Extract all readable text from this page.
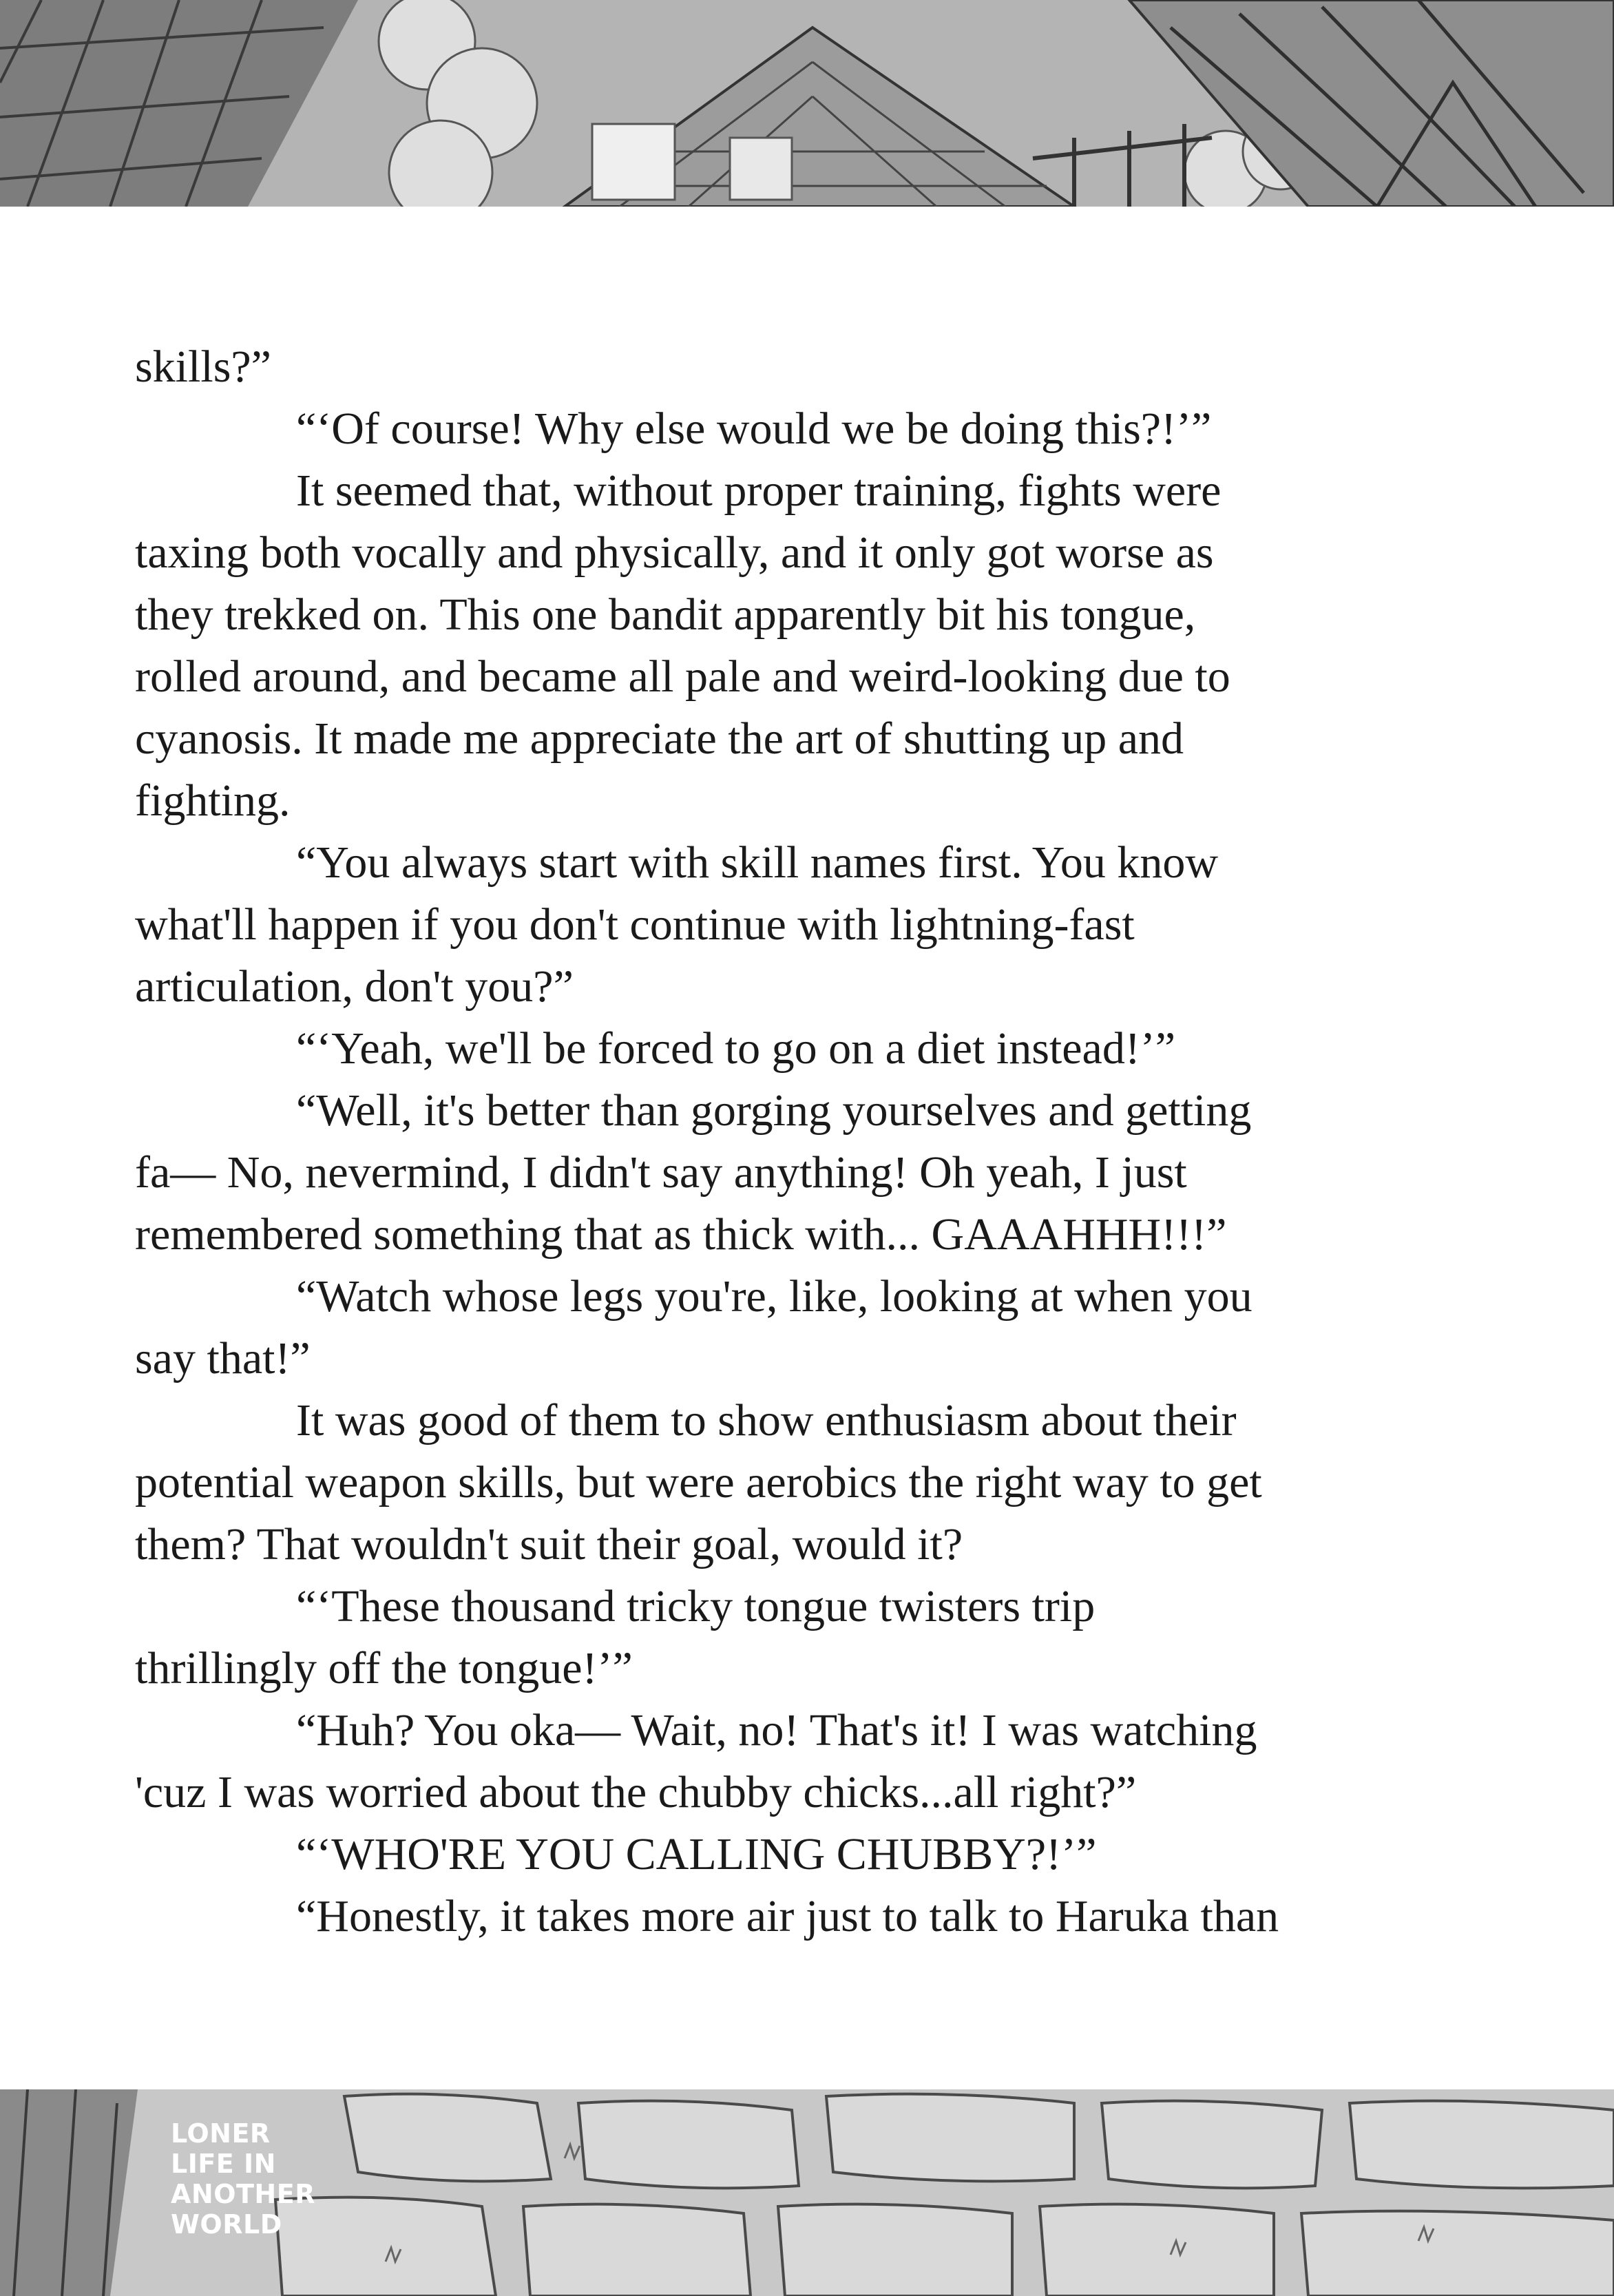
skills?”
“‘Of course! Why else would we be doing this?!’”
It seemed that, without proper training, fights were
taxing both vocally and physically, and it only got worse as
they trekked on. This one bandit apparently bit his tongue,
rolled around, and became all pale and weird-looking due to
cyanosis. It made me appreciate the art of shutting up and
fighting.
“You always start with skill names first. You know
what'll happen if you don't continue with lightning-fast
articulation, don't you?”
“‘Yeah, we'll be forced to go on a diet instead!’”
“Well, it's better than gorging yourselves and getting
fa— No, nevermind, I didn't say anything! Oh yeah, I just
remembered something that as thick with... GAAAHHH!!!”
“Watch whose legs you're, like, looking at when you
say that!”
It was good of them to show enthusiasm about their
potential weapon skills, but were aerobics the right way to get
them? That wouldn't suit their goal, would it?
“‘These thousand tricky tongue twisters trip
thrillingly off the tongue!’”
“Huh? You oka— Wait, no! That's it! I was watching
'cuz I was worried about the chubby chicks...all right?”
“‘WHO'RE YOU CALLING CHUBBY?!’”
“Honestly, it takes more air just to talk to Haruka than
LONER
LIFE IN
ANOTHER
WORLD
